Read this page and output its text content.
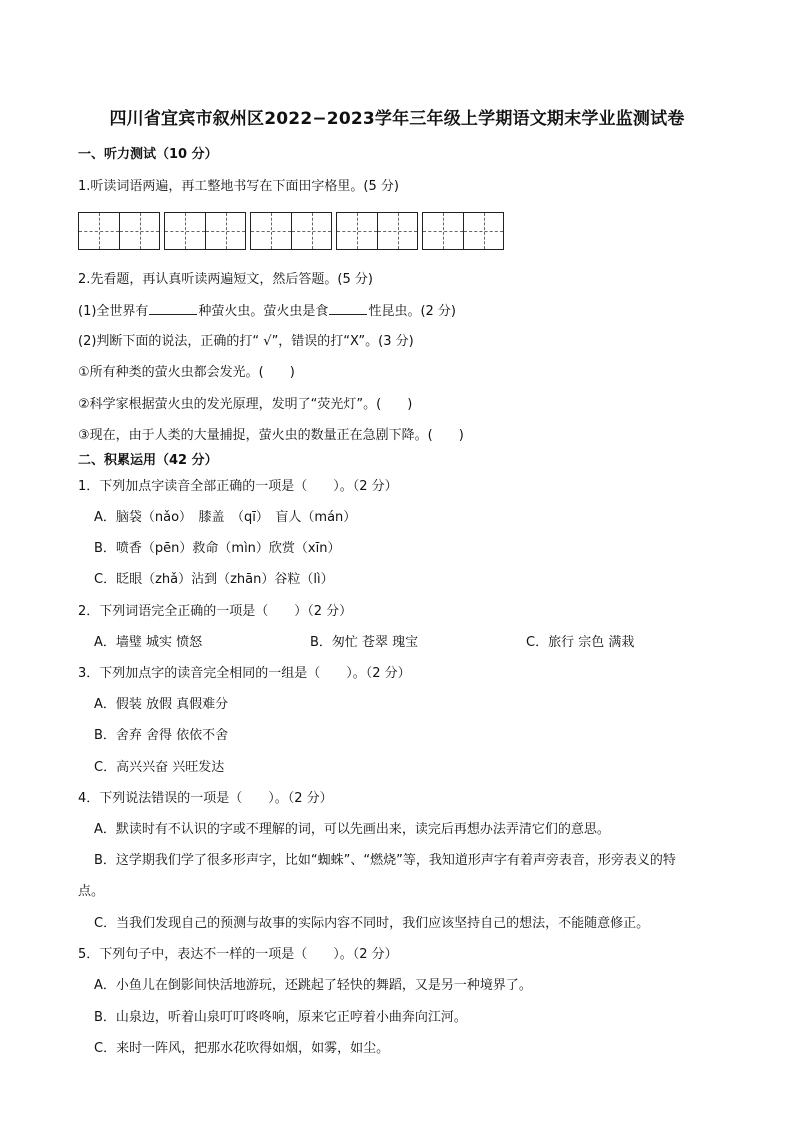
四川省宜宾市叙州区2022−2023学年三年级上学期语文期末学业监测试卷
一、听力测试（10 分）
1.听读词语两遍，再工整地书写在下面田字格里。(5 分)
2.先看题，再认真听读两遍短文，然后答题。(5 分)
(1)全世界有	种萤火虫。萤火虫是食	性昆虫。(2 分)
(2)判断下面的说法，正确的打“ √”，错误的打“X”。(3 分)
①所有种类的萤火虫都会发光。(　　)
②科学家根据萤火虫的发光原理，发明了“荧光灯”。(　　)
③现在，由于人类的大量捕捉，萤火虫的数量正在急剧下降。(　　)
二、积累运用（42 分）
1．下列加点字读音全部正确的一项是（　　）。（2 分）
A．脑袋（nǎo）　膝盖　（qī）　盲人（mán）
B．喷香（pēn）救命（mìn）欣赏（xīn）
C．眨眼（zhǎ）沾到（zhān）谷粒（lì）
2．下列词语完全正确的一项是（　　）（2 分）
A．墙璧 城实 愤怒	B．匆忙 苍翠 瑰宝	C．旅行 宗色 满栽
3．下列加点字的读音完全相同的一组是（　　）。（2 分）
A．假装 放假 真假难分
B．舍弃 舍得 依依不舍
C．高兴兴奋 兴旺发达
4．下列说法错误的一项是（　　）。（2 分）
A．默读时有不认识的字或不理解的词，可以先画出来，读完后再想办法弄清它们的意思。
B．这学期我们学了很多形声字，比如“蜘蛛”、“燃烧”等，我知道形声字有着声旁表音，形旁表义的特
点。
C．当我们发现自己的预测与故事的实际内容不同时，我们应该坚持自己的想法，不能随意修正。
5．下列句子中，表达不一样的一项是（　　）。（2 分）
A．小鱼儿在倒影间快活地游玩，还跳起了轻快的舞蹈，又是另一种境界了。
B．山泉边，听着山泉叮叮咚咚响，原来它正哼着小曲奔向江河。
C．来时一阵风，把那水花吹得如烟，如雾，如尘。
